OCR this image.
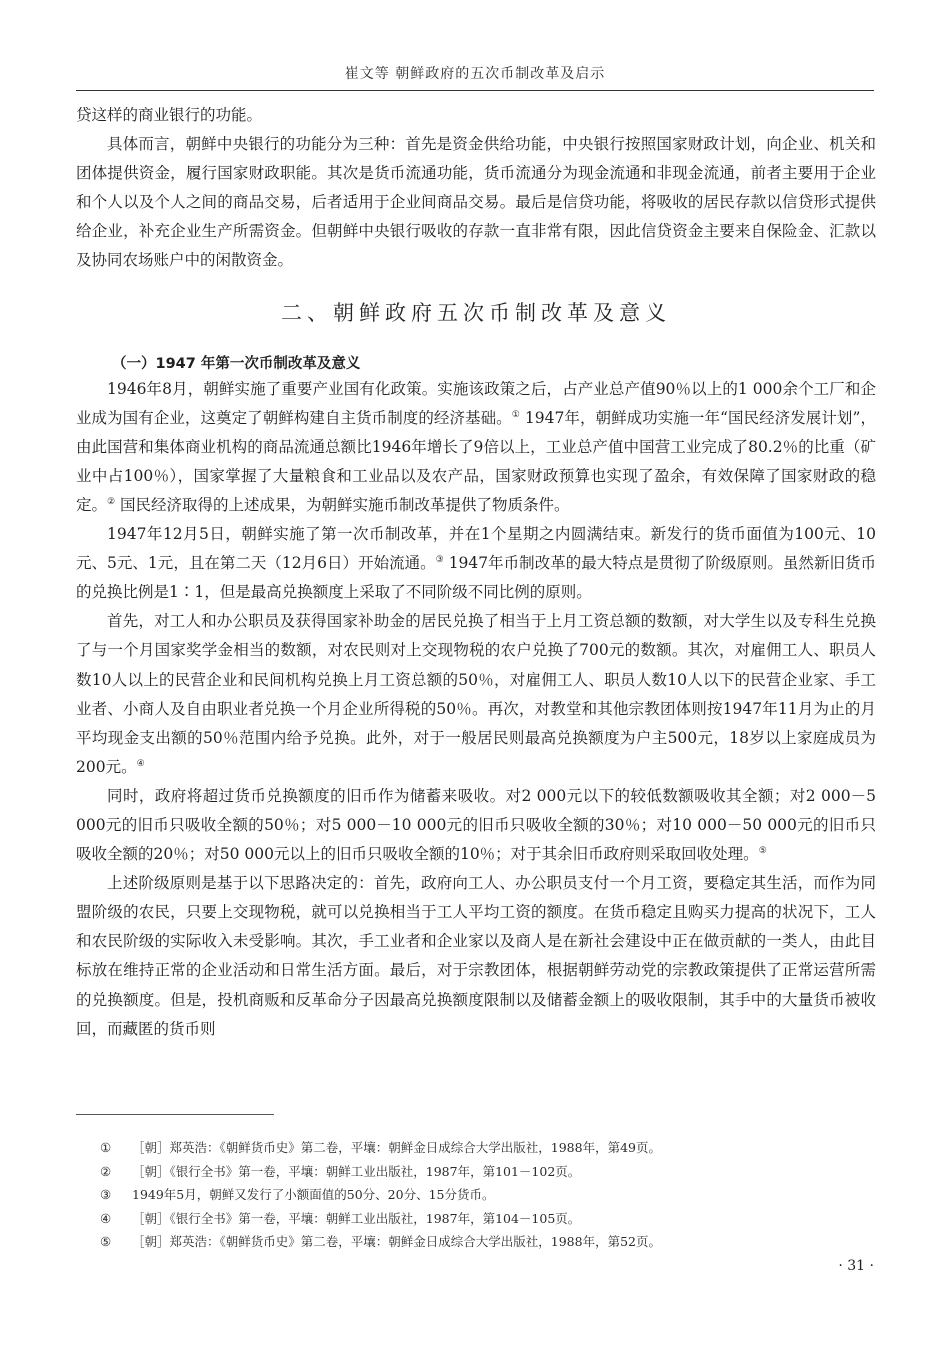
崔文等 朝鲜政府的五次币制改革及启示

贷这样的商业银行的功能。

具体而言，朝鲜中央银行的功能分为三种：首先是资金供给功能，中央银行按照国家财政计划，向企业、机关和团体提供资金，履行国家财政职能。其次是货币流通功能，货币流通分为现金流通和非现金流通，前者主要用于企业和个人以及个人之间的商品交易，后者适用于企业间商品交易。最后是信贷功能，将吸收的居民存款以信贷形式提供给企业，补充企业生产所需资金。但朝鲜中央银行吸收的存款一直非常有限，因此信贷资金主要来自保险金、汇款以及协同农场账户中的闲散资金。

二、朝鲜政府五次币制改革及意义
（一）1947 年第一次币制改革及意义

1946年8月，朝鲜实施了重要产业国有化政策。实施该政策之后，占产业总产值90％以上的1 000余个工厂和企业成为国有企业，这奠定了朝鲜构建自主货币制度的经济基础。① 1947年，朝鲜成功实施一年“国民经济发展计划”，由此国营和集体商业机构的商品流通总额比1946年增长了9倍以上，工业总产值中国营工业完成了80.2％的比重（矿业中占100％），国家掌握了大量粮食和工业品以及农产品，国家财政预算也实现了盈余，有效保障了国家财政的稳定。② 国民经济取得的上述成果，为朝鲜实施币制改革提供了物质条件。

1947年12月5日，朝鲜实施了第一次币制改革，并在1个星期之内圆满结束。新发行的货币面值为100元、10元、5元、1元，且在第二天（12月6日）开始流通。③ 1947年币制改革的最大特点是贯彻了阶级原则。虽然新旧货币的兑换比例是1∶1，但是最高兑换额度上采取了不同阶级不同比例的原则。

首先，对工人和办公职员及获得国家补助金的居民兑换了相当于上月工资总额的数额，对大学生以及专科生兑换了与一个月国家奖学金相当的数额，对农民则对上交现物税的农户兑换了700元的数额。其次，对雇佣工人、职员人数10人以上的民营企业和民间机构兑换上月工资总额的50％，对雇佣工人、职员人数10人以下的民营企业家、手工业者、小商人及自由职业者兑换一个月企业所得税的50％。再次，对教堂和其他宗教团体则按1947年11月为止的月平均现金支出额的50％范围内给予兑换。此外，对于一般居民则最高兑换额度为户主500元，18岁以上家庭成员为200元。④

同时，政府将超过货币兑换额度的旧币作为储蓄来吸收。对2 000元以下的较低数额吸收其全额；对2 000－5 000元的旧币只吸收全额的50％；对5 000－10 000元的旧币只吸收全额的30％；对10 000－50 000元的旧币只吸收全额的20％；对50 000元以上的旧币只吸收全额的10％；对于其余旧币政府则采取回收处理。⑤

上述阶级原则是基于以下思路决定的：首先，政府向工人、办公职员支付一个月工资，要稳定其生活，而作为同盟阶级的农民，只要上交现物税，就可以兑换相当于工人平均工资的额度。在货币稳定且购买力提高的状况下，工人和农民阶级的实际收入未受影响。其次，手工业者和企业家以及商人是在新社会建设中正在做贡献的一类人，由此目标放在维持正常的企业活动和日常生活方面。最后，对于宗教团体，根据朝鲜劳动党的宗教政策提供了正常运营所需的兑换额度。但是，投机商贩和反革命分子因最高兑换额度限制以及储蓄金额上的吸收限制，其手中的大量货币被收回，而藏匿的货币则

① ［朝］郑英浩：《朝鲜货币史》第二卷，平壤：朝鲜金日成综合大学出版社，1988年，第49页。
② ［朝］《银行全书》第一卷，平壤：朝鲜工业出版社，1987年，第101－102页。
③ 1949年5月，朝鲜又发行了小额面值的50分、20分、15分货币。
④ ［朝］《银行全书》第一卷，平壤：朝鲜工业出版社，1987年，第104－105页。
⑤ ［朝］郑英浩：《朝鲜货币史》第二卷，平壤：朝鲜金日成综合大学出版社，1988年，第52页。
· 31 ·
